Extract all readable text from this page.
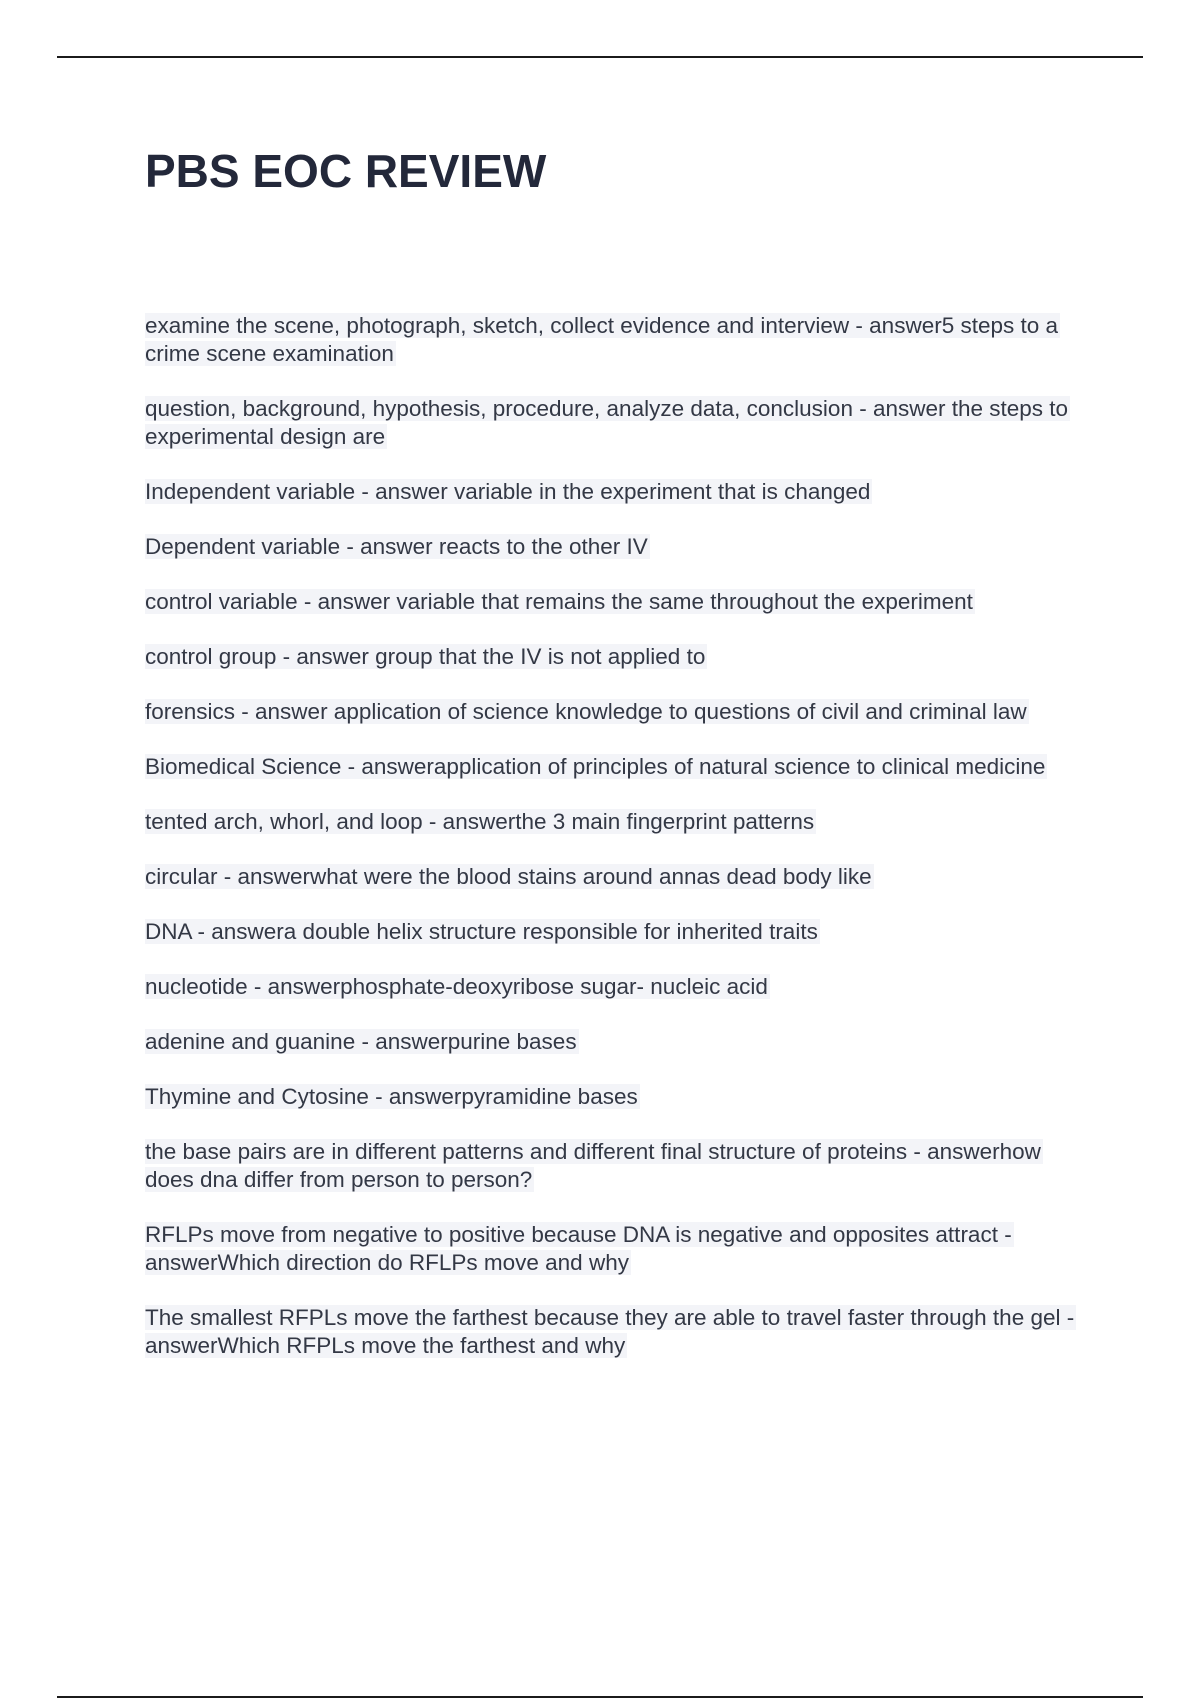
PBS EOC REVIEW

examine the scene, photograph, sketch, collect evidence and interview - answer5 steps to a crime scene examination

question, background, hypothesis, procedure, analyze data, conclusion - answer the steps to experimental design are

Independent variable - answer variable in the experiment that is changed

Dependent variable - answer reacts to the other IV

control variable - answer variable that remains the same throughout the experiment

control group - answer group that the IV is not applied to

forensics - answer application of science knowledge to questions of civil and criminal law

Biomedical Science - answerapplication of principles of natural science to clinical medicine

tented arch, whorl, and loop - answerthe 3 main fingerprint patterns

circular - answerwhat were the blood stains around annas dead body like

DNA - answera double helix structure responsible for inherited traits

nucleotide - answerphosphate-deoxyribose sugar- nucleic acid

adenine and guanine - answerpurine bases

Thymine and Cytosine - answerpyramidine bases

the base pairs are in different patterns and different final structure of proteins - answerhow does dna differ from person to person?

RFLPs move from negative to positive because DNA is negative and opposites attract - answerWhich direction do RFLPs move and why

The smallest RFPLs move the farthest because they are able to travel faster through the gel - answerWhich RFPLs move the farthest and why
